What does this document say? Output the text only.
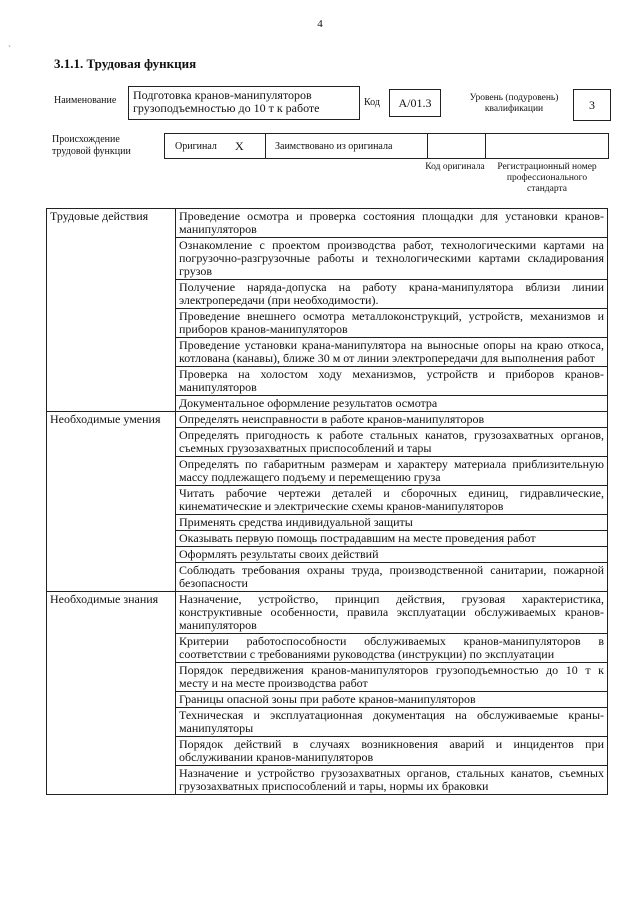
4
`
3.1.1. Трудовая функция
Наименование	Подготовка кранов-манипуляторов грузоподъемностью до 10 т к работе	Код	А/01.3	Уровень (подуровень) квалификации	3
Происхождение трудовой функции	Оригинал X	Заимствовано из оригинала
Код оригинала	Регистрационный номер профессионального стандарта
Трудовые действия	Проведение осмотра и проверка состояния площадки для установки кранов-манипуляторов
	Ознакомление с проектом производства работ, технологическими картами на погрузочно-разгрузочные работы и технологическими картами складирования грузов
	Получение наряда-допуска на работу крана-манипулятора вблизи линии электропередачи (при необходимости).
	Проведение внешнего осмотра металлоконструкций, устройств, механизмов и приборов кранов-манипуляторов
	Проведение установки крана-манипулятора на выносные опоры на краю откоса, котлована (канавы), ближе 30 м от линии электропередачи для выполнения работ
	Проверка на холостом ходу механизмов, устройств и приборов кранов-манипуляторов
	Документальное оформление результатов осмотра
Необходимые умения	Определять неисправности в работе кранов-манипуляторов
	Определять пригодность к работе стальных канатов, грузозахватных органов, съемных грузозахватных приспособлений и тары
	Определять по габаритным размерам и характеру материала приблизительную массу подлежащего подъему и перемещению груза
	Читать рабочие чертежи деталей и сборочных единиц, гидравлические, кинематические и электрические схемы кранов-манипуляторов
	Применять средства индивидуальной защиты
	Оказывать первую помощь пострадавшим на месте проведения работ
	Оформлять результаты своих действий
	Соблюдать требования охраны труда, производственной санитарии, пожарной безопасности
Необходимые знания	Назначение, устройство, принцип действия, грузовая характеристика, конструктивные особенности, правила эксплуатации обслуживаемых кранов-манипуляторов
	Критерии работоспособности обслуживаемых кранов-манипуляторов в соответствии с требованиями руководства (инструкции) по эксплуатации
	Порядок передвижения кранов-манипуляторов грузоподъемностью до 10 т к месту и на месте производства работ
	Границы опасной зоны при работе кранов-манипуляторов
	Техническая и эксплуатационная документация на обслуживаемые краны-манипуляторы
	Порядок действий в случаях возникновения аварий и инцидентов при обслуживании кранов-манипуляторов
	Назначение и устройство грузозахватных органов, стальных канатов, съемных грузозахватных приспособлений и тары, нормы их браковки
